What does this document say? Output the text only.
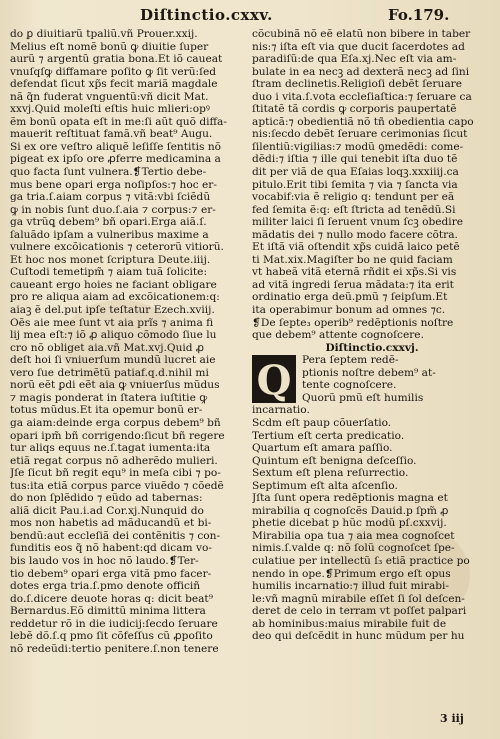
Diſtinctio.cxxv.	Fo.179.
do ꝑ diuitiarũ tpaliũ.vñ Prouer.xxij.
Melius eſt nomẽ bonũ ꝙ diuitie ſuper
aurũ ⁊ argentũ gratia bona.Et iõ caueat
vnuſqſꝙ diffamare poſito ꝙ ſit verũ:ſed
defendat ſicut xp̃s fecit mariã magdale
nã q̃n fuderat vnguentũ:vñ dicit Mat.
xxvj.Quid moleſti eſtis huic mlieri:opꝰ
ẽm bonũ opata eſt in me:ſi aũt quõ diffa-
mauerit reſtituat famã.vñ beat⁹ Augu.
Si ex ore veſtro aliquẽ leſiſſe ſentitis nõ
pigeat ex ipſo ore ꝓferre medicamina a
quo facta ſunt vulnera.❡Tertio debe-
mus bene opari erga noſipſos:⁊ hoc er-
ga tria.ſ.aiam corpus ⁊ vitã:vbi ſciẽdũ
ꝙ in nobis ſunt duo.ſ.aia ⁊ corpus:⁊ er-
ga vtrũꝗ debem⁹ bñ opari.Erga aiã.ſ.
ſaluãdo ipſam a vulneribus maxime a
vulnere excõicationis ⁊ ceterorũ vitiorũ.
Et hoc nos monet ſcriptura Deute.iiij.
Cuſtodi temetipm̃ ⁊ aiam tuã ſolicite:
caueant ergo hoies ne faciant obligare
pro re aliqua aiam ad excõicationem:q:
aiaꝫ ẽ del.put ipſe teſtatur Ezech.xviij.
Oẽs aie mee ſunt vt aia prĩs ⁊ anima fi
lij mea eſt:⁊ iõ ꝓ aliquo cõmodo ſiue lu
cro nõ obliget aia.vñ Mat.xvj.Quid ꝓ
deſt hoi ſi vniuerſum mundũ lucret aie
vero ſue detrimẽtũ patiaf.q.d.nihil mi
norũ eẽt ꝑdi eẽt aia ꝙ vniuerſus mũdus
⁊ magis ponderat in ſtatera iuſtitie ꝙ
totus mũdus.Et ita opemur bonũ er-
ga aiam:deinde erga corpus debem⁹ bñ
opari ipm̃ bñ corrigendo:ſicut bñ regere
tur aliqs equus ne.ſ.tagat iumenta:ita
etiã regat corpus nõ adherẽdo mulieri.
Jſe ſicut bñ regit equ⁹ in meſa cibi ⁊ po-
tus:ita etiã corpus parce viuẽdo ⁊ cõedẽ
do non ſplẽdido ⁊ eũdo ad tabernas:
aliã dicit Pau.i.ad Cor.xj.Nunquid do
mos non habetis ad mãducandũ et bi-
bendũ:aut eccleſiã dei contẽnitis ⁊ con-
funditis eos q̃ nõ habent:qd dicam vo-
bis laudo vos in hoc nõ laudo.❡Ter-
tio debem⁹ opari erga vitã pmo facer-
dotes erga tria.ſ.pmo denote officiñ
do.ſ.dicere deuote horas q: dicit beat⁹
Bernardus.Eõ dimittũ minima littera
reddetur rõ in die iudicij:ſecdo ſeruare
lebẽ dõ.ſ.q pmo ſit cõfeſſus cũ ꝓpoſito
nõ redeũdi:tertio penitere.ſ.non tenere
cõcubinã nõ eẽ elatũ non bibere in taber
nis:⁊ iſta eſt via que ducit ſacerdotes ad
paradiſũ:de qua Eſa.xj.Nec eſt via am-
bulate in ea necꝫ ad dexterã necꝫ ad ſini
ſtram declinetis.Religioſi debẽt ſeruare
duo i vita.ſ.vota eccleſiaſtica:⁊ ſeruare ca
ſtitatẽ tã cordis ꝙ corporis paupertatẽ
apticã:⁊ obedientiã nõ tñ obedientia capo
nis:ſecdo debẽt ſeruare cerimonias ſicut
ſilentiũ:vigilias:⁊ modũ ꝯmedẽdi: come-
dẽdi:⁊ iſtia ⁊ ille qui tenebit iſta duo tẽ
dit per viã de qua Eſaias loqꝫ.xxxiiij.ca
pitulo.Erit tibi ſemita ⁊ via ⁊ ſancta via
vocabif:via ẽ religio q: tendunt per eã
fed ſemita ẽ:q: eſt ſtricta ad tenẽdũ.Si
militer laici ſi ſeruent vnum ſcꝫ obedire
mãdatis dei ⁊ nullo modo facere cõtra.
Et iſtã viã oſtendit xp̃s cuidã laico petẽ
ti Mat.xix.Magiſter bo ne quid faciam
vt habeã vitã eternã rñdit ei xp̃s.Si vis
ad vitã ingredi ſerua mãdata:⁊ ita erit
ordinatio erga deũ.pmũ ⁊ ſeipſum.Et
ita operabimur bonum ad omnes ⁊c.
❡De ſepte₃ operib⁹ redẽptionis noſtre
que debem⁹ attente cognoſcere.
Diſtinctio.cxxvj.
Q Pera ſeptem redẽ-
ptionis noſtre debem⁹ at-
tente cognoſcere.
Quorũ pmũ eſt humilis
incarnatio.
Scdm eſt paup cõuerſatio.
Tertium eſt certa predicatio.
Quartum eſt amara paſſio.
Quintum eſt benigna deſceſſio.
Sextum eſt plena reſurrectio.
Septimum eſt alta aſcenſio.
Jſta ſunt opera redẽptionis magna et
mirabilia q cognoſcẽs Dauid.p ſpm̃ ꝓ
phetie dicebat p hũc modũ pſ.cxxvij.
Mirabilia opa tua ⁊ aia mea cognoſcet
nimis.ſ.valde q: nõ ſolũ cognoſcet ſpe-
culatiue per intellectũ ſ₃ etiã practice po
nendo in ope.❡Primum ergo eſt opus
humilis incarnatio:⁊ illud fuit mirabi-
le:vñ magnũ mirabile eſſet ſi ſol deſcen-
deret de celo in terram vt poſſet palpari
ab hominibus:maius mirabile fuit de
deo qui deſcẽdit in hunc mũdum per hu
3 iij
